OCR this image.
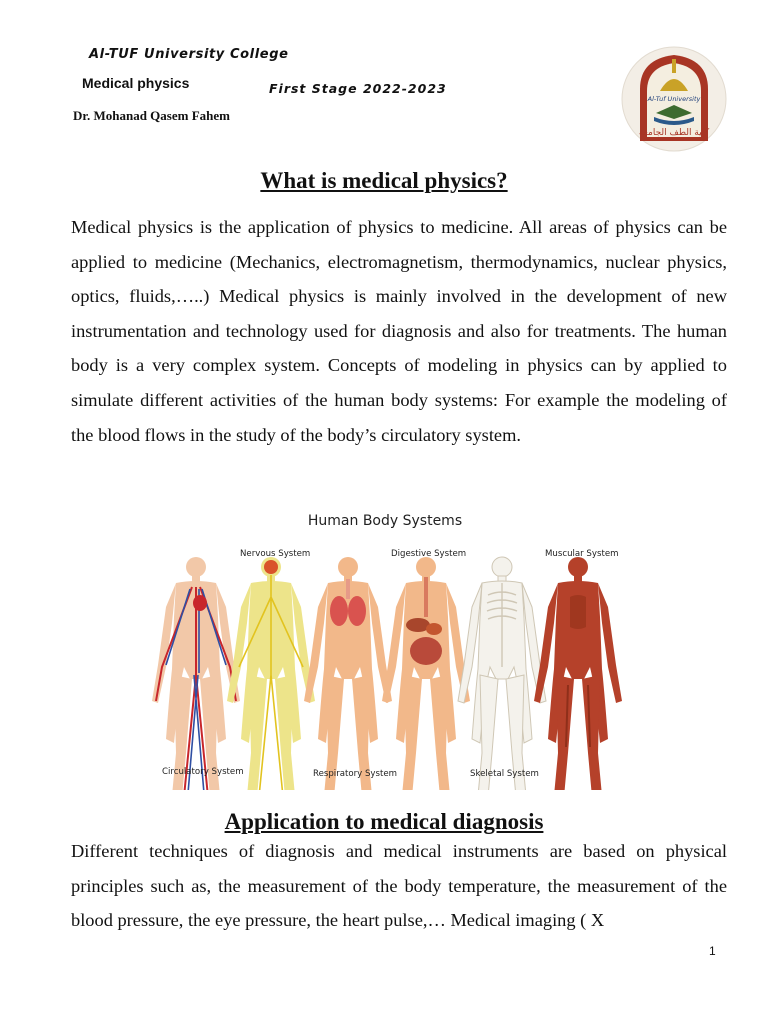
Al-TUF University College
Medical physics	First Stage 2022-2023
Dr. Mohanad Qasem Fahem
Al-Tuf University
كلية الطف الجامعة
What is medical physics?

Medical physics is the application of physics to medicine. All areas of physics can be applied to medicine (Mechanics, electromagnetism, thermodynamics, nuclear physics, optics, fluids,…..) Medical physics is mainly involved in the development of new instrumentation and technology used for diagnosis and also for treatments. The human body is a very complex system. Concepts of modeling in physics can by applied to simulate different activities of the human body systems: For example the modeling of the blood flows in the study of the body’s circulatory system.

Human Body Systems
Circulatory System
Nervous System
Respiratory System
Digestive System
Skeletal System
Muscular System
Application to medical diagnosis

Different techniques of diagnosis and medical instruments are based on physical principles such as, the measurement of the body temperature, the measurement of the blood pressure, the eye pressure, the heart pulse,… Medical imaging ( X

1
